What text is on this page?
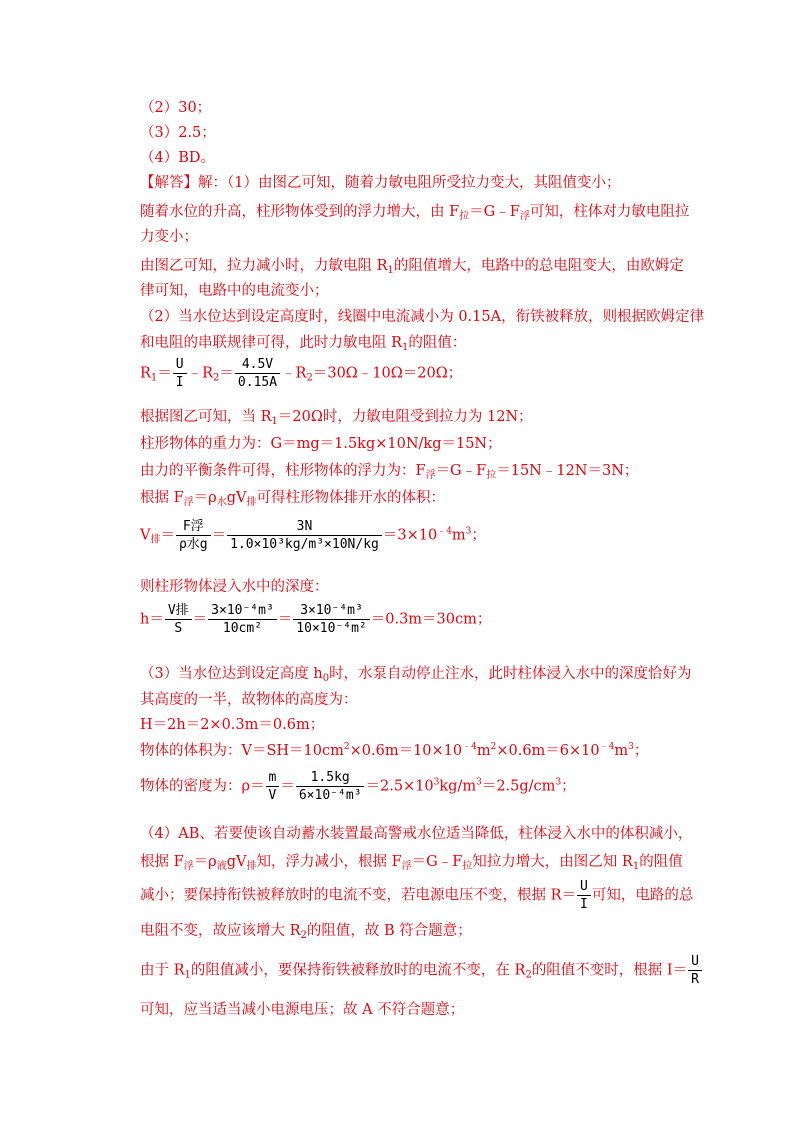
（2）30；
（3）2.5；
（4）BD。
【解答】解：（1）由图乙可知，随着力敏电阻所受拉力变大，其阻值变小；
随着水位的升高，柱形物体受到的浮力增大，由 $F_拉=G﹣F_浮$可知，柱体对力敏电阻拉
力变小；
由图乙可知，拉力减小时，力敏电阻 $R_1$的阻值增大，电路中的总电阻变大，由欧姆定
律可知，电路中的电流变小；
（2）当水位达到设定高度时，线圈中电流减小为 0.15A，衔铁被释放，则根据欧姆定律
和电阻的串联规律可得，此时力敏电阻 $R_1$的阻值：
$R_1= \frac{U}{I}$ $﹣R_2= \frac{4.5V}{0.15A}$ $﹣R_2=30\Omega﹣10\Omega=20\Omega$；
根据图乙可知，当 $R_1=20\Omega$时，力敏电阻受到拉力为 12N；
柱形物体的重力为：G＝mg＝1.5kg×10N/kg＝15N；
由力的平衡条件可得，柱形物体的浮力为：$F_浮=G﹣F_拉=15N﹣12N=3N$；
根据 $F_浮=\rho_水gV_排$可得柱形物体排开水的体积：
$V_排=$
F浮
ρ水g
＝ $\frac{3N}{\text{1.0×10³kg/m³×10N/kg}} =3\times 10^{﹣4}m^3$；
则柱形物体浸入水中的深度：
h＝
V排
S
＝ $\frac{\text{3×10⁻⁴m³}}{\text{10cm²}} = \frac{\text{3×10⁻⁴m³}}{\text{10×10⁻⁴m²}} =0.3m=30cm$；
（3）当水位达到设定高度 $h_0$时，水泵自动停止注水，此时柱体浸入水中的深度恰好为
其高度的一半，故物体的高度为：
H＝2h＝2×0.3m＝0.6m；
物体的体积为：$V=SH=10cm^2\times 0.6m=10\times 10^{﹣4}m^2\times 0.6m=6\times 10^{﹣4}m^3$；
物体的密度为：$\rho= \frac{m}{V} = \frac{1.5kg}{\text{6×10⁻⁴m³}} =2.5\times 10^3kg/m^3=2.5g/cm^3$；
（4）AB、若要使该自动蓄水装置最高警戒水位适当降低，柱体浸入水中的体积减小，
根据 $F_浮=\rho_液gV_排$知，浮力减小，根据 $F_浮=G﹣F_拉$知拉力增大，由图乙知 $R_1$的阻值
减小；要保持衔铁被释放时的电流不变，若电源电压不变，根据 $R= \frac{U}{I}$ 可知，电路的总
电阻不变，故应该增大 $R_2$的阻值，故 B 符合题意；
由于 $R_1$的阻值减小，要保持衔铁被释放时的电流不变，在 $R_2$的阻值不变时，根据 $I= \frac{U}{R}$
可知，应当适当减小电源电压；故 A 不符合题意；
